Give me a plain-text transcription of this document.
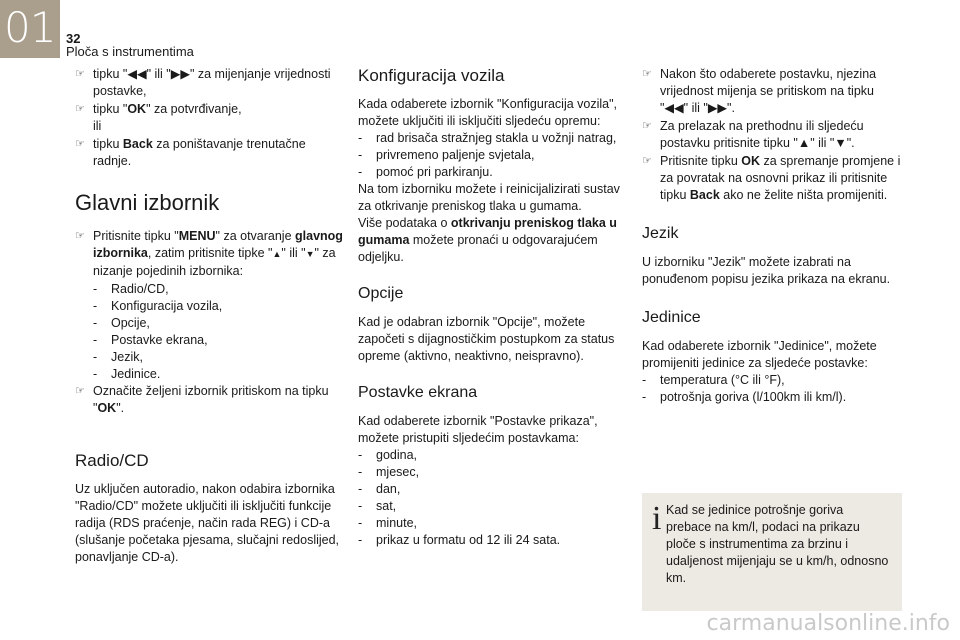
01 32
Ploča s instrumentima
☞ tipku "◀◀" ili "▶▶" za mijenjanje vrijednosti postavke,
☞ tipku "OK" za potvrđivanje,
ili
☞ tipku Back za poništavanje trenutačne radnje.
Glavni izbornik
☞ Pritisnite tipku "MENU" za otvaranje glavnog izbornika, zatim pritisnite tipke "▲" ili "▼" za nizanje pojedinih izbornika:
- Radio/CD,
- Konfiguracija vozila,
- Opcije,
- Postavke ekrana,
- Jezik,
- Jedinice.
☞ Označite željeni izbornik pritiskom na tipku "OK".
Radio/CD

Uz uključen autoradio, nakon odabira izbornika "Radio/CD" možete uključiti ili isključiti funkcije radija (RDS praćenje, način rada REG) i CD-a (slušanje početaka pjesama, slučajni redoslijed, ponavljanje CD-a).

Konfiguracija vozila

Kada odaberete izbornik "Konfiguracija vozila", možete uključiti ili isključiti sljedeću opremu:

- rad brisača stražnjeg stakla u vožnji natrag,
- privremeno paljenje svjetala,
- pomoć pri parkiranju.

Na tom izborniku možete i reinicijalizirati sustav za otkrivanje preniskog tlaka u gumama.

Više podataka o otkrivanju preniskog tlaka u gumama možete pronaći u odgovarajućem odjeljku.

Opcije

Kad je odabran izbornik "Opcije", možete započeti s dijagnostičkim postupkom za status opreme (aktivno, neaktivno, neispravno).

Postavke ekrana

Kad odaberete izbornik "Postavke prikaza", možete pristupiti sljedećim postavkama:

- godina,
- mjesec,
- dan,
- sat,
- minute,
- prikaz u formatu od 12 ili 24 sata.
☞ Nakon što odaberete postavku, njezina vrijednost mijenja se pritiskom na tipku "◀◀" ili "▶▶".
☞ Za prelazak na prethodnu ili sljedeću postavku pritisnite tipku "▲" ili "▼".
☞ Pritisnite tipku OK za spremanje promjene i za povratak na osnovni prikaz ili pritisnite tipku Back ako ne želite ništa promijeniti.
Jezik

U izborniku "Jezik" možete izabrati na ponuđenom popisu jezika prikaza na ekranu.

Jedinice

Kad odaberete izbornik "Jedinice", možete promijeniti jedinice za sljedeće postavke:

- temperatura (°C ili °F),
- potrošnja goriva (l/100km ili km/l).
i Kad se jedinice potrošnje goriva prebace na km/l, podaci na prikazu ploče s instrumentima za brzinu i udaljenost mijenjaju se u km/h, odnosno km.
carmanualsonline.info
